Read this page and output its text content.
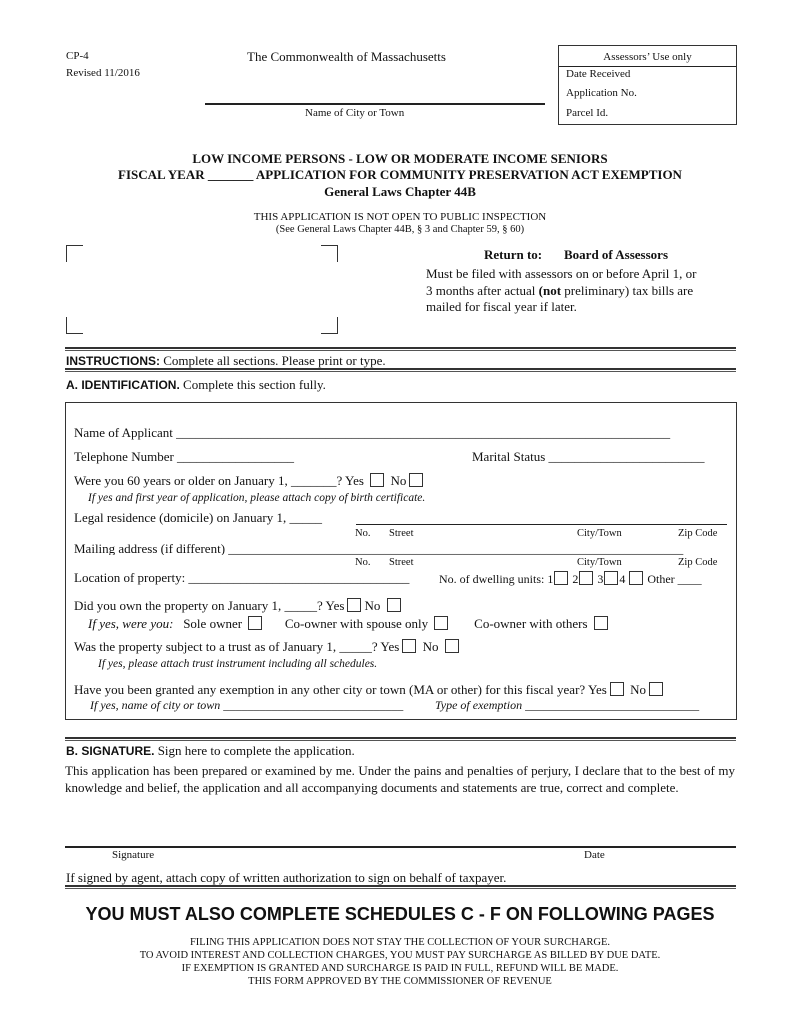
CP-4
Revised 11/2016
The Commonwealth of Massachusetts
Name of City or Town
Assessors’ Use only
Date Received
Application No.
Parcel Id.
LOW INCOME PERSONS - LOW OR MODERATE INCOME SENIORS
FISCAL YEAR _______ APPLICATION FOR COMMUNITY PRESERVATION ACT EXEMPTION
General Laws Chapter 44B
THIS APPLICATION IS NOT OPEN TO PUBLIC INSPECTION
(See General Laws Chapter 44B, § 3 and Chapter 59, § 60)
Return to: Board of Assessors
Must be filed with assessors on or before April 1, or
3 months after actual (not preliminary) tax bills are
mailed for fiscal year if later.
INSTRUCTIONS: Complete all sections. Please print or type.
A. IDENTIFICATION. Complete this section fully.
Name of Applicant ____________________________________________________________________________
Telephone Number __________________	Marital Status ________________________
Were you 60 years or older on January 1, _______? Yes No
If yes and first year of application, please attach copy of birth certificate.
Legal residence (domicile) on January 1, _____
No. Street	City/Town	Zip Code
Mailing address (if different) ______________________________________________________________________
No. Street	City/Town	Zip Code
Location of property: __________________________________ No. of dwelling units: 1 2 3 4 Other ____
Did you own the property on January 1, _____? Yes No
If yes, were you: Sole owner	Co-owner with spouse only	Co-owner with others
Was the property subject to a trust as of January 1, _____? Yes No
If yes, please attach trust instrument including all schedules.
Have you been granted any exemption in any other city or town (MA or other) for this fiscal year? Yes No
If yes, name of city or town ______________________________	Type of exemption _____________________________
B. SIGNATURE. Sign here to complete the application.
This application has been prepared or examined by me. Under the pains and penalties of perjury, I declare that to the best of my knowledge and belief, the application and all accompanying documents and statements are true, correct and complete.
Signature	Date
If signed by agent, attach copy of written authorization to sign on behalf of taxpayer.
YOU MUST ALSO COMPLETE SCHEDULES C - F ON FOLLOWING PAGES
FILING THIS APPLICATION DOES NOT STAY THE COLLECTION OF YOUR SURCHARGE.
TO AVOID INTEREST AND COLLECTION CHARGES, YOU MUST PAY SURCHARGE AS BILLED BY DUE DATE.
IF EXEMPTION IS GRANTED AND SURCHARGE IS PAID IN FULL, REFUND WILL BE MADE.
THIS FORM APPROVED BY THE COMMISSIONER OF REVENUE
